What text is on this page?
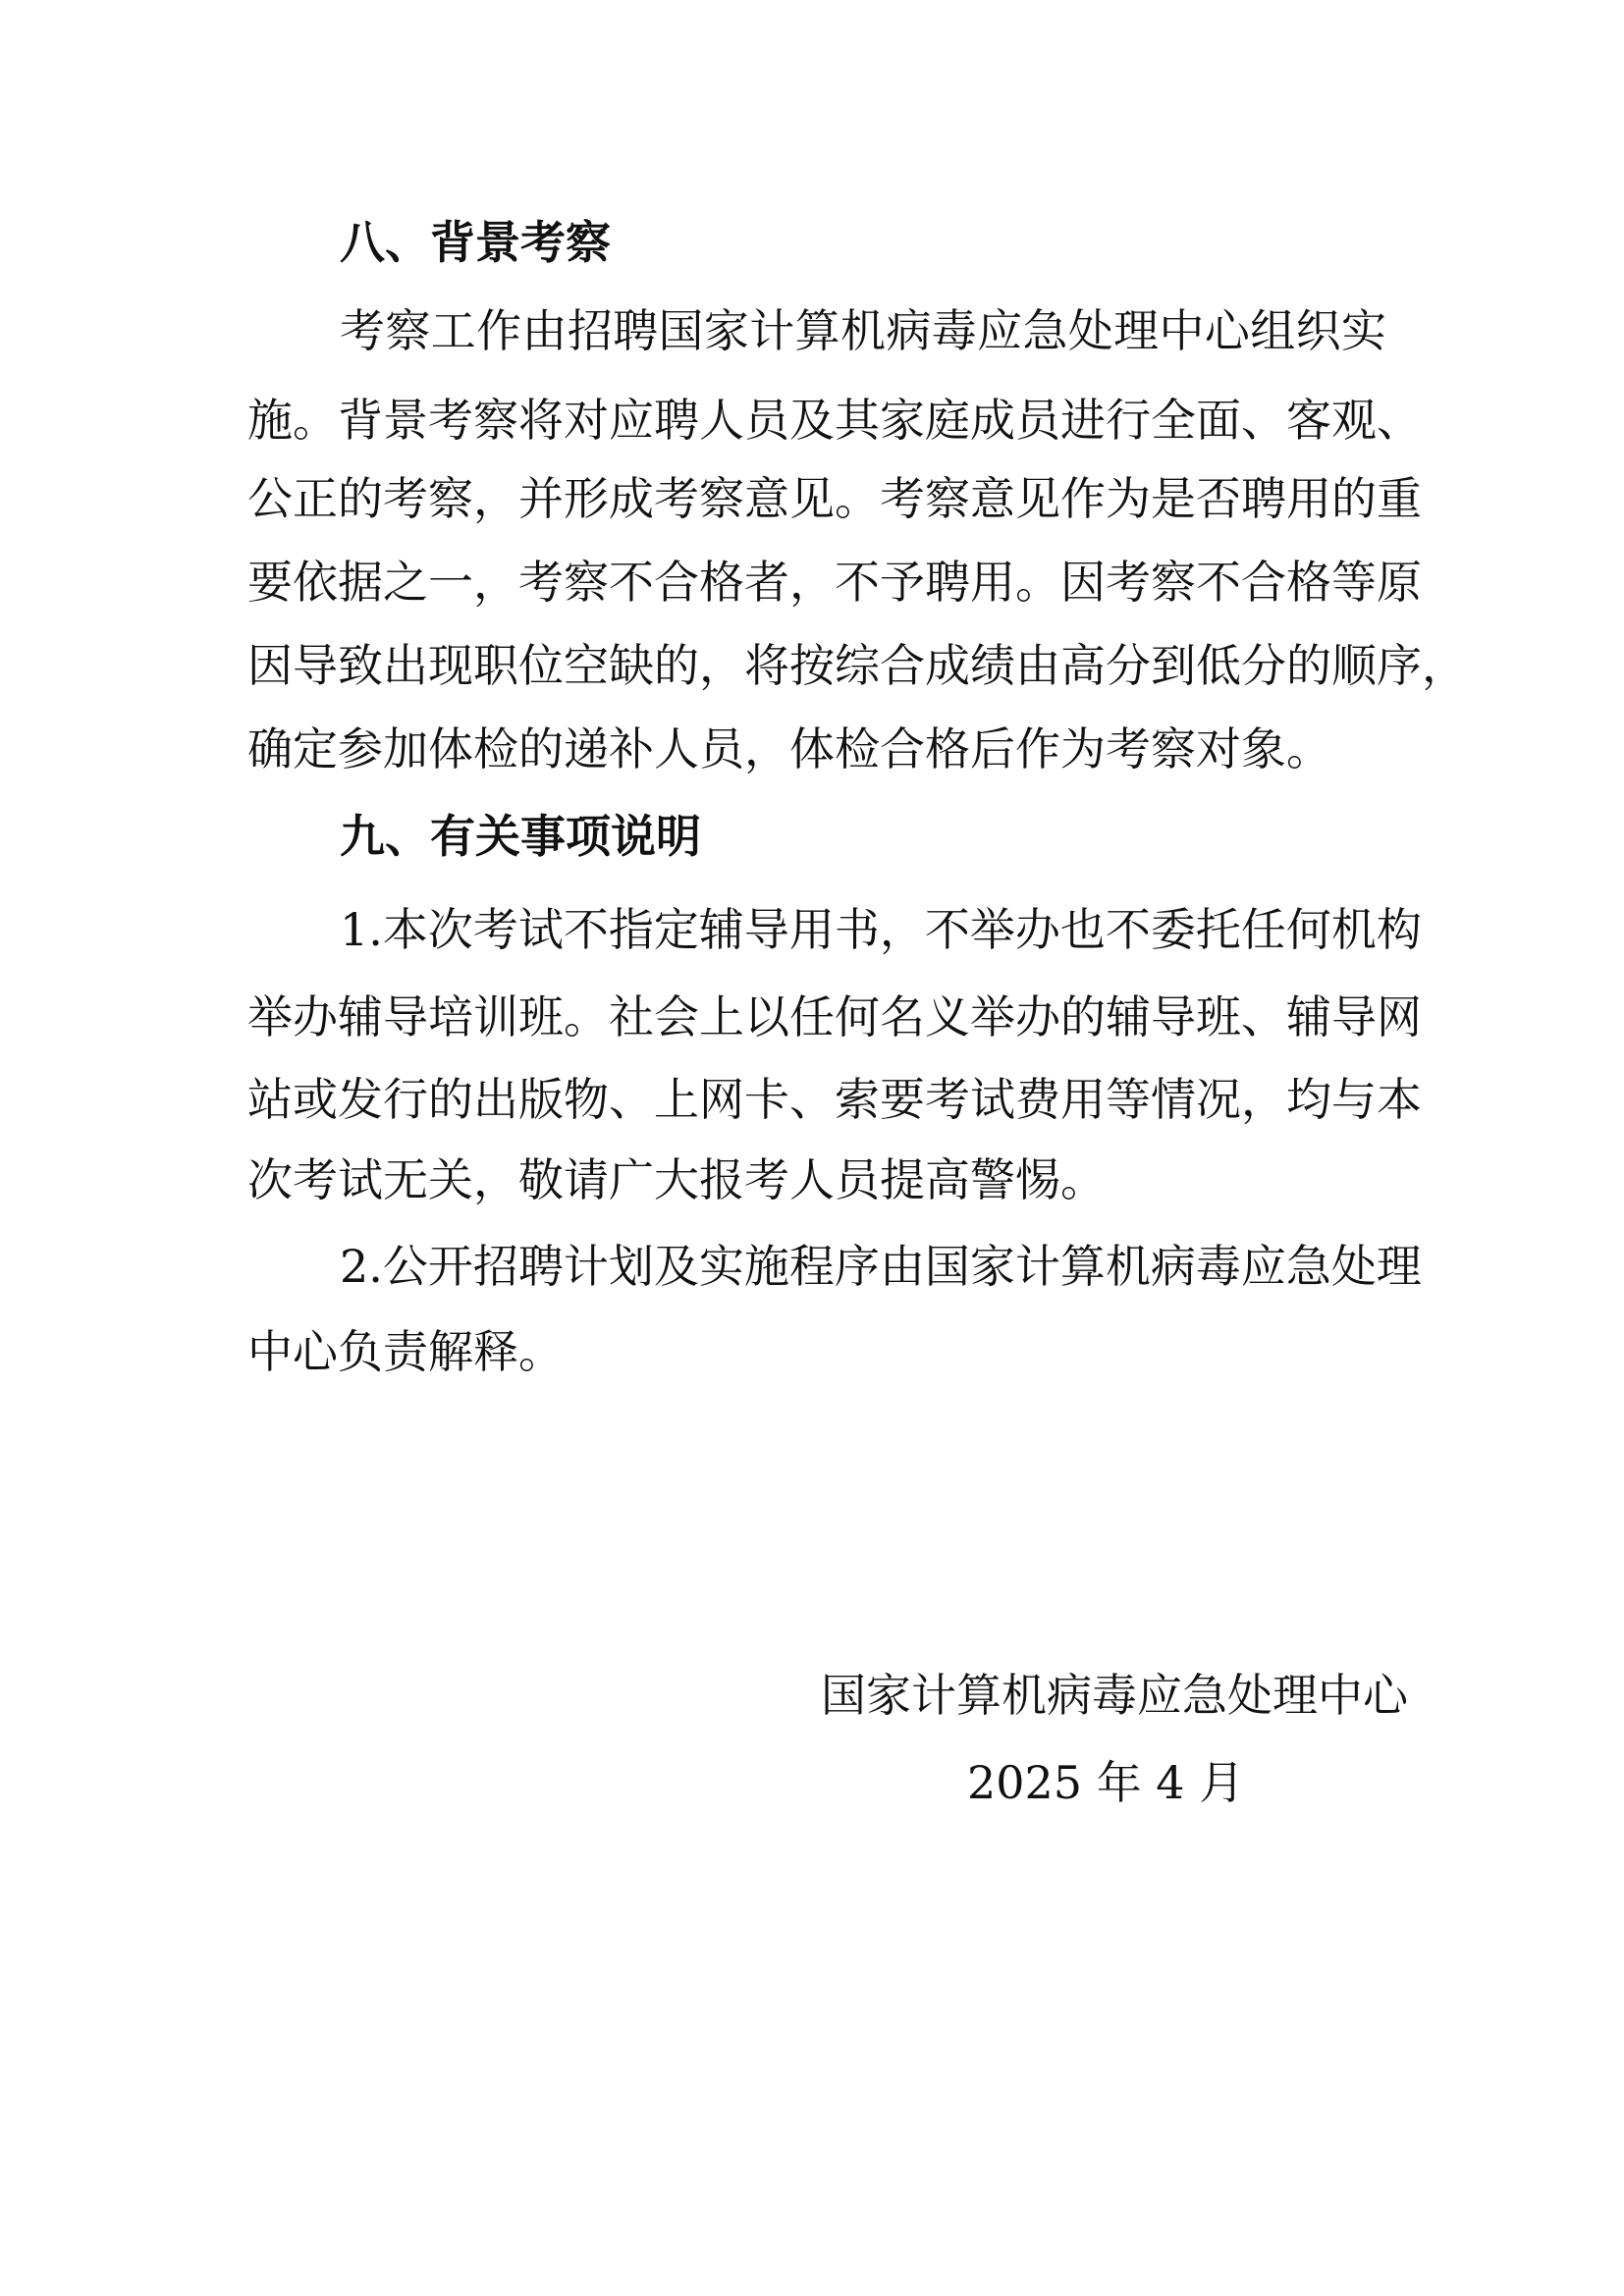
八、背景考察
考察工作由招聘国家计算机病毒应急处理中心组织实
施。背景考察将对应聘人员及其家庭成员进行全面、客观、
公正的考察，并形成考察意见。考察意见作为是否聘用的重
要依据之一，考察不合格者，不予聘用。因考察不合格等原
因导致出现职位空缺的，将按综合成绩由高分到低分的顺序，
确定参加体检的递补人员，体检合格后作为考察对象。
九、有关事项说明
1.本次考试不指定辅导用书，不举办也不委托任何机构
举办辅导培训班。社会上以任何名义举办的辅导班、辅导网
站或发行的出版物、上网卡、索要考试费用等情况，均与本
次考试无关，敬请广大报考人员提高警惕。
2.公开招聘计划及实施程序由国家计算机病毒应急处理
中心负责解释。
国家计算机病毒应急处理中心
2025 年 4 月
